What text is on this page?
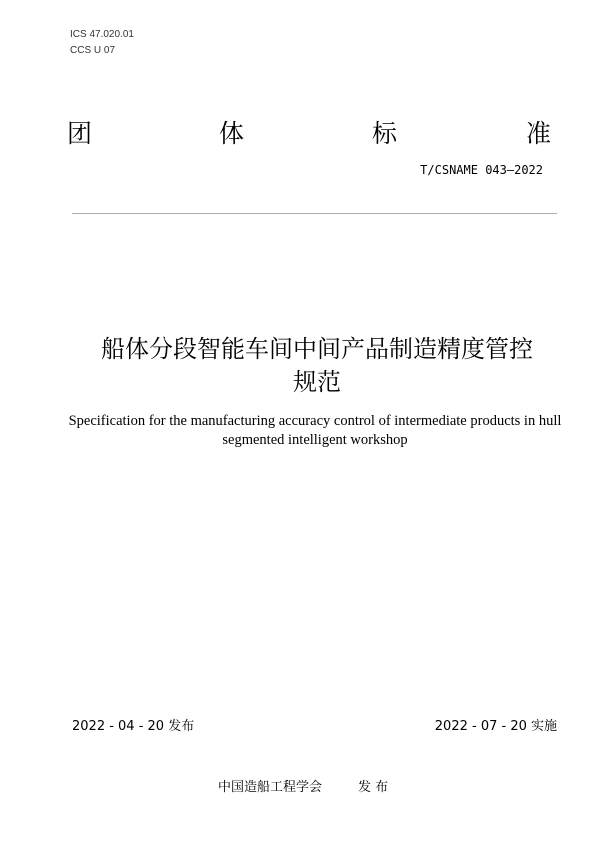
ICS 47.020.01
CCS U 07
团	体	标	准
T/CSNAME 043—2022
船体分段智能车间中间产品制造精度管控
规范
Specification for the manufacturing accuracy control of intermediate products in hull
segmented intelligent workshop
2022 - 04 - 20 发布	2022 - 07 - 20 实施
中国造船工程学会	发 布
